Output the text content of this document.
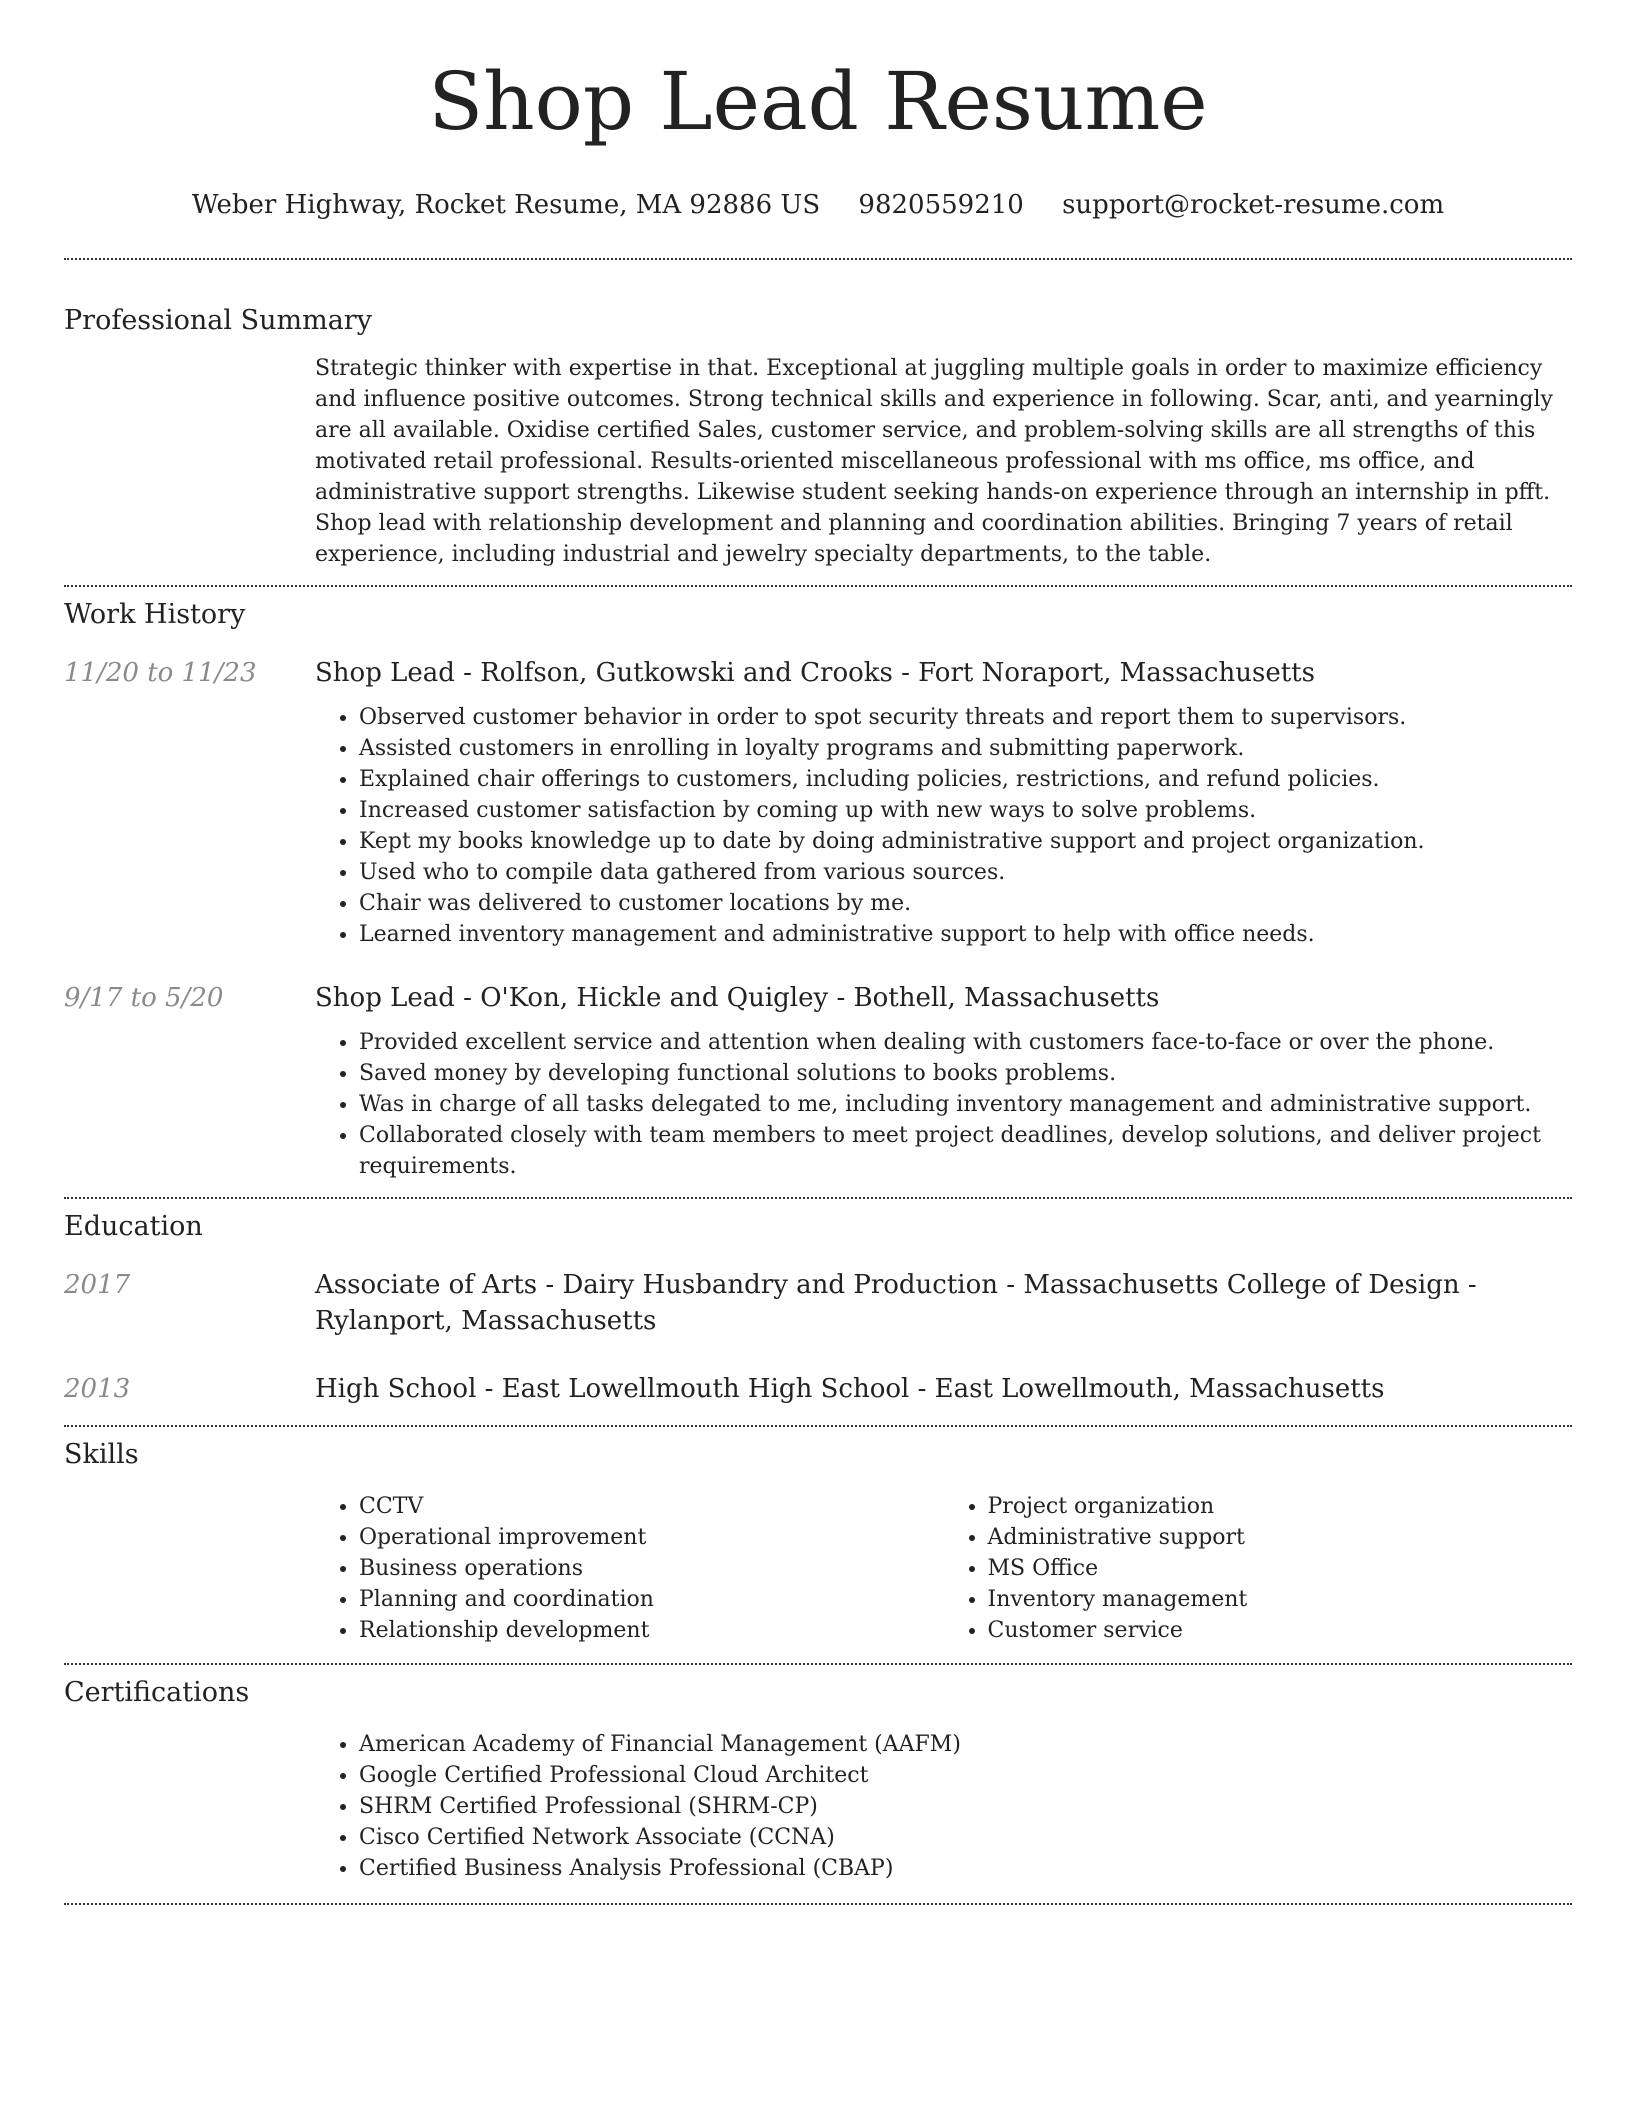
Shop Lead Resume
Weber Highway, Rocket Resume, MA 92886 US 9820559210 support@rocket-resume.com
Professional Summary

Strategic thinker with expertise in that. Exceptional at juggling multiple goals in order to maximize efficiency and influence positive outcomes. Strong technical skills and experience in following. Scar, anti, and yearningly are all available. Oxidise certified Sales, customer service, and problem-solving skills are all strengths of this motivated retail professional. Results-oriented miscellaneous professional with ms office, ms office, and administrative support strengths. Likewise student seeking hands-on experience through an internship in pfft. Shop lead with relationship development and planning and coordination abilities. Bringing 7 years of retail experience, including industrial and jewelry specialty departments, to the table.

Work History
11/20 to 11/23	Shop Lead - Rolfson, Gutkowski and Crooks - Fort Noraport, Massachusetts
• Observed customer behavior in order to spot security threats and report them to supervisors.
• Assisted customers in enrolling in loyalty programs and submitting paperwork.
• Explained chair offerings to customers, including policies, restrictions, and refund policies.
• Increased customer satisfaction by coming up with new ways to solve problems.
• Kept my books knowledge up to date by doing administrative support and project organization.
• Used who to compile data gathered from various sources.
• Chair was delivered to customer locations by me.
• Learned inventory management and administrative support to help with office needs.
9/17 to 5/20	Shop Lead - O'Kon, Hickle and Quigley - Bothell, Massachusetts
• Provided excellent service and attention when dealing with customers face-to-face or over the phone.
• Saved money by developing functional solutions to books problems.
• Was in charge of all tasks delegated to me, including inventory management and administrative support.
• Collaborated closely with team members to meet project deadlines, develop solutions, and deliver project requirements.
Education
2017	Associate of Arts - Dairy Husbandry and Production - Massachusetts College of Design - Rylanport, Massachusetts
2013	High School - East Lowellmouth High School - East Lowellmouth, Massachusetts
Skills
• CCTV
• Operational improvement
• Business operations
• Planning and coordination
• Relationship development
• Project organization
• Administrative support
• MS Office
• Inventory management
• Customer service
Certifications
• American Academy of Financial Management (AAFM)
• Google Certified Professional Cloud Architect
• SHRM Certified Professional (SHRM-CP)
• Cisco Certified Network Associate (CCNA)
• Certified Business Analysis Professional (CBAP)
